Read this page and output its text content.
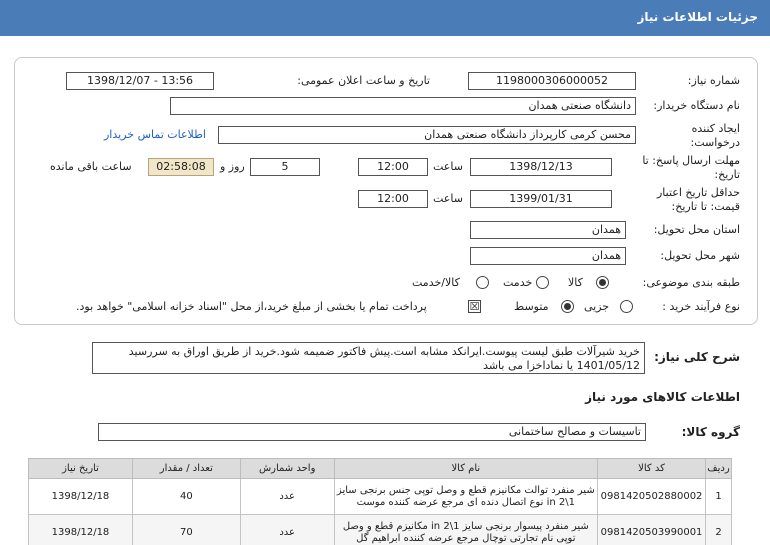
جزئیات اطلاعات نیاز
شماره نیاز:
1198000306000052
تاریخ و ساعت اعلان عمومی:
1398/12/07 - 13:56
نام دستگاه خریدار:
دانشگاه صنعتی همدان
ایجاد کننده درخواست:
محسن کرمی کارپرداز دانشگاه صنعتی همدان
اطلاعات تماس خریدار
مهلت ارسال پاسخ: تا تاریخ:
1398/12/13
ساعت
12:00
5
روز و
02:58:08
ساعت باقی مانده
حداقل تاریخ اعتبار قیمت: تا تاریخ:
1399/01/31
ساعت
12:00
استان محل تحویل:
همدان
شهر محل تحویل:
همدان
طبقه بندی موضوعی:
کالا
خدمت
کالا/خدمت
نوع فرآیند خرید :
جزیی
متوسط
☒
پرداخت تمام یا بخشی از مبلغ خرید،از محل "اسناد خزانه اسلامی" خواهد بود.
شرح کلی نیاز:
خرید شیرآلات طبق لیست پیوست.ایرانکد مشابه است.پیش فاکتور ضمیمه شود.خرید از طریق اوراق به سررسید 1401/05/12 یا نماداخزا می باشد
اطلاعات کالاهای مورد نیاز
گروه کالا:
تاسیسات و مصالح ساختمانی
ردیف	کد کالا	نام کالا	واحد شمارش	تعداد / مقدار	تاریخ نیاز
1	0981420502880002	شیر منفرد توالت مکانیزم قطع و وصل توپی جنس برنجی سایز 1\2 in نوع اتصال دنده ای مرجع عرضه کننده موست	عدد	40	1398/12/18
2	0981420503990001	شیر منفرد پیسوار برنجی سایز 1\2 in مکانیزم قطع و وصل توپی نام تجارتی توچال مرجع عرضه کننده ابراهیم گل	عدد	70	1398/12/18
